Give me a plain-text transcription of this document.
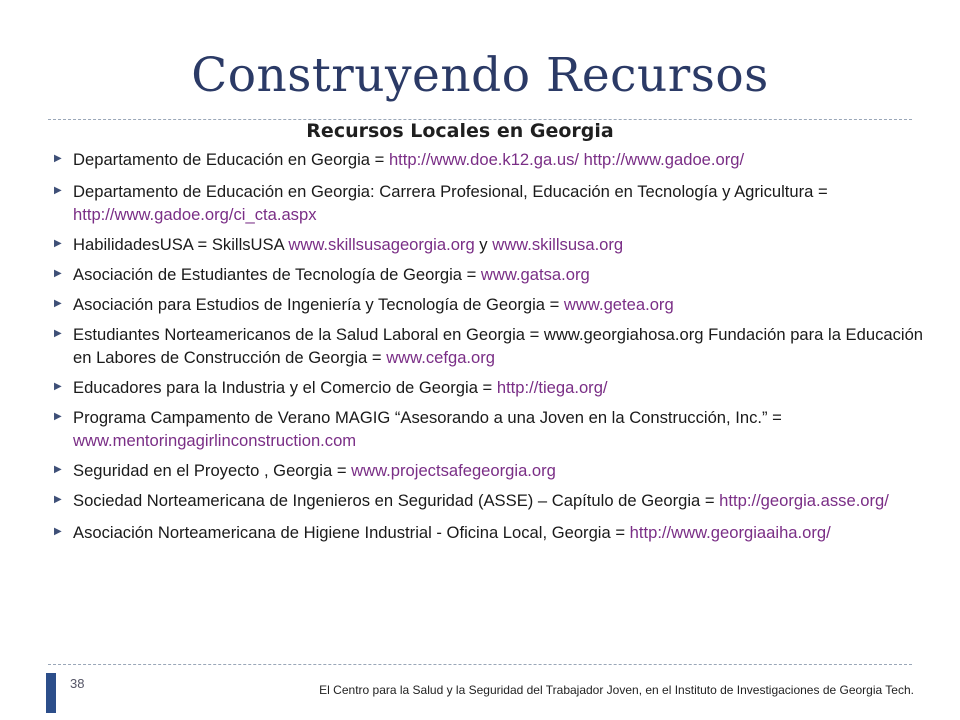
Construyendo Recursos
Recursos Locales en Georgia
▶ Departamento de Educación en Georgia = http://www.doe.k12.ga.us/ http://www.gadoe.org/
▶ Departamento de Educación en Georgia: Carrera Profesional, Educación en Tecnología y Agricultura = http://www.gadoe.org/ci_cta.aspx
▶ HabilidadesUSA = SkillsUSA www.skillsusageorgia.org y www.skillsusa.org
▶ Asociación de Estudiantes de Tecnología de Georgia = www.gatsa.org
▶ Asociación para Estudios de Ingeniería y Tecnología de Georgia = www.getea.org
▶ Estudiantes Norteamericanos de la Salud Laboral en Georgia = www.georgiahosa.org Fundación para la Educación en Labores de Construcción de Georgia = www.cefga.org
▶ Educadores para la Industria y el Comercio de Georgia = http://tiega.org/
▶ Programa Campamento de Verano MAGIG “Asesorando a una Joven en la Construcción, Inc.” = www.mentoringagirlinconstruction.com
▶ Seguridad en el Proyecto , Georgia = www.projectsafegeorgia.org
▶ Sociedad Norteamericana de Ingenieros en Seguridad (ASSE) – Capítulo de Georgia = http://georgia.asse.org/
▶ Asociación Norteamericana de Higiene Industrial - Oficina Local, Georgia = http://www.georgiaaiha.org/
38	El Centro para la Salud y la Seguridad del Trabajador Joven, en el Instituto de Investigaciones de Georgia Tech.
